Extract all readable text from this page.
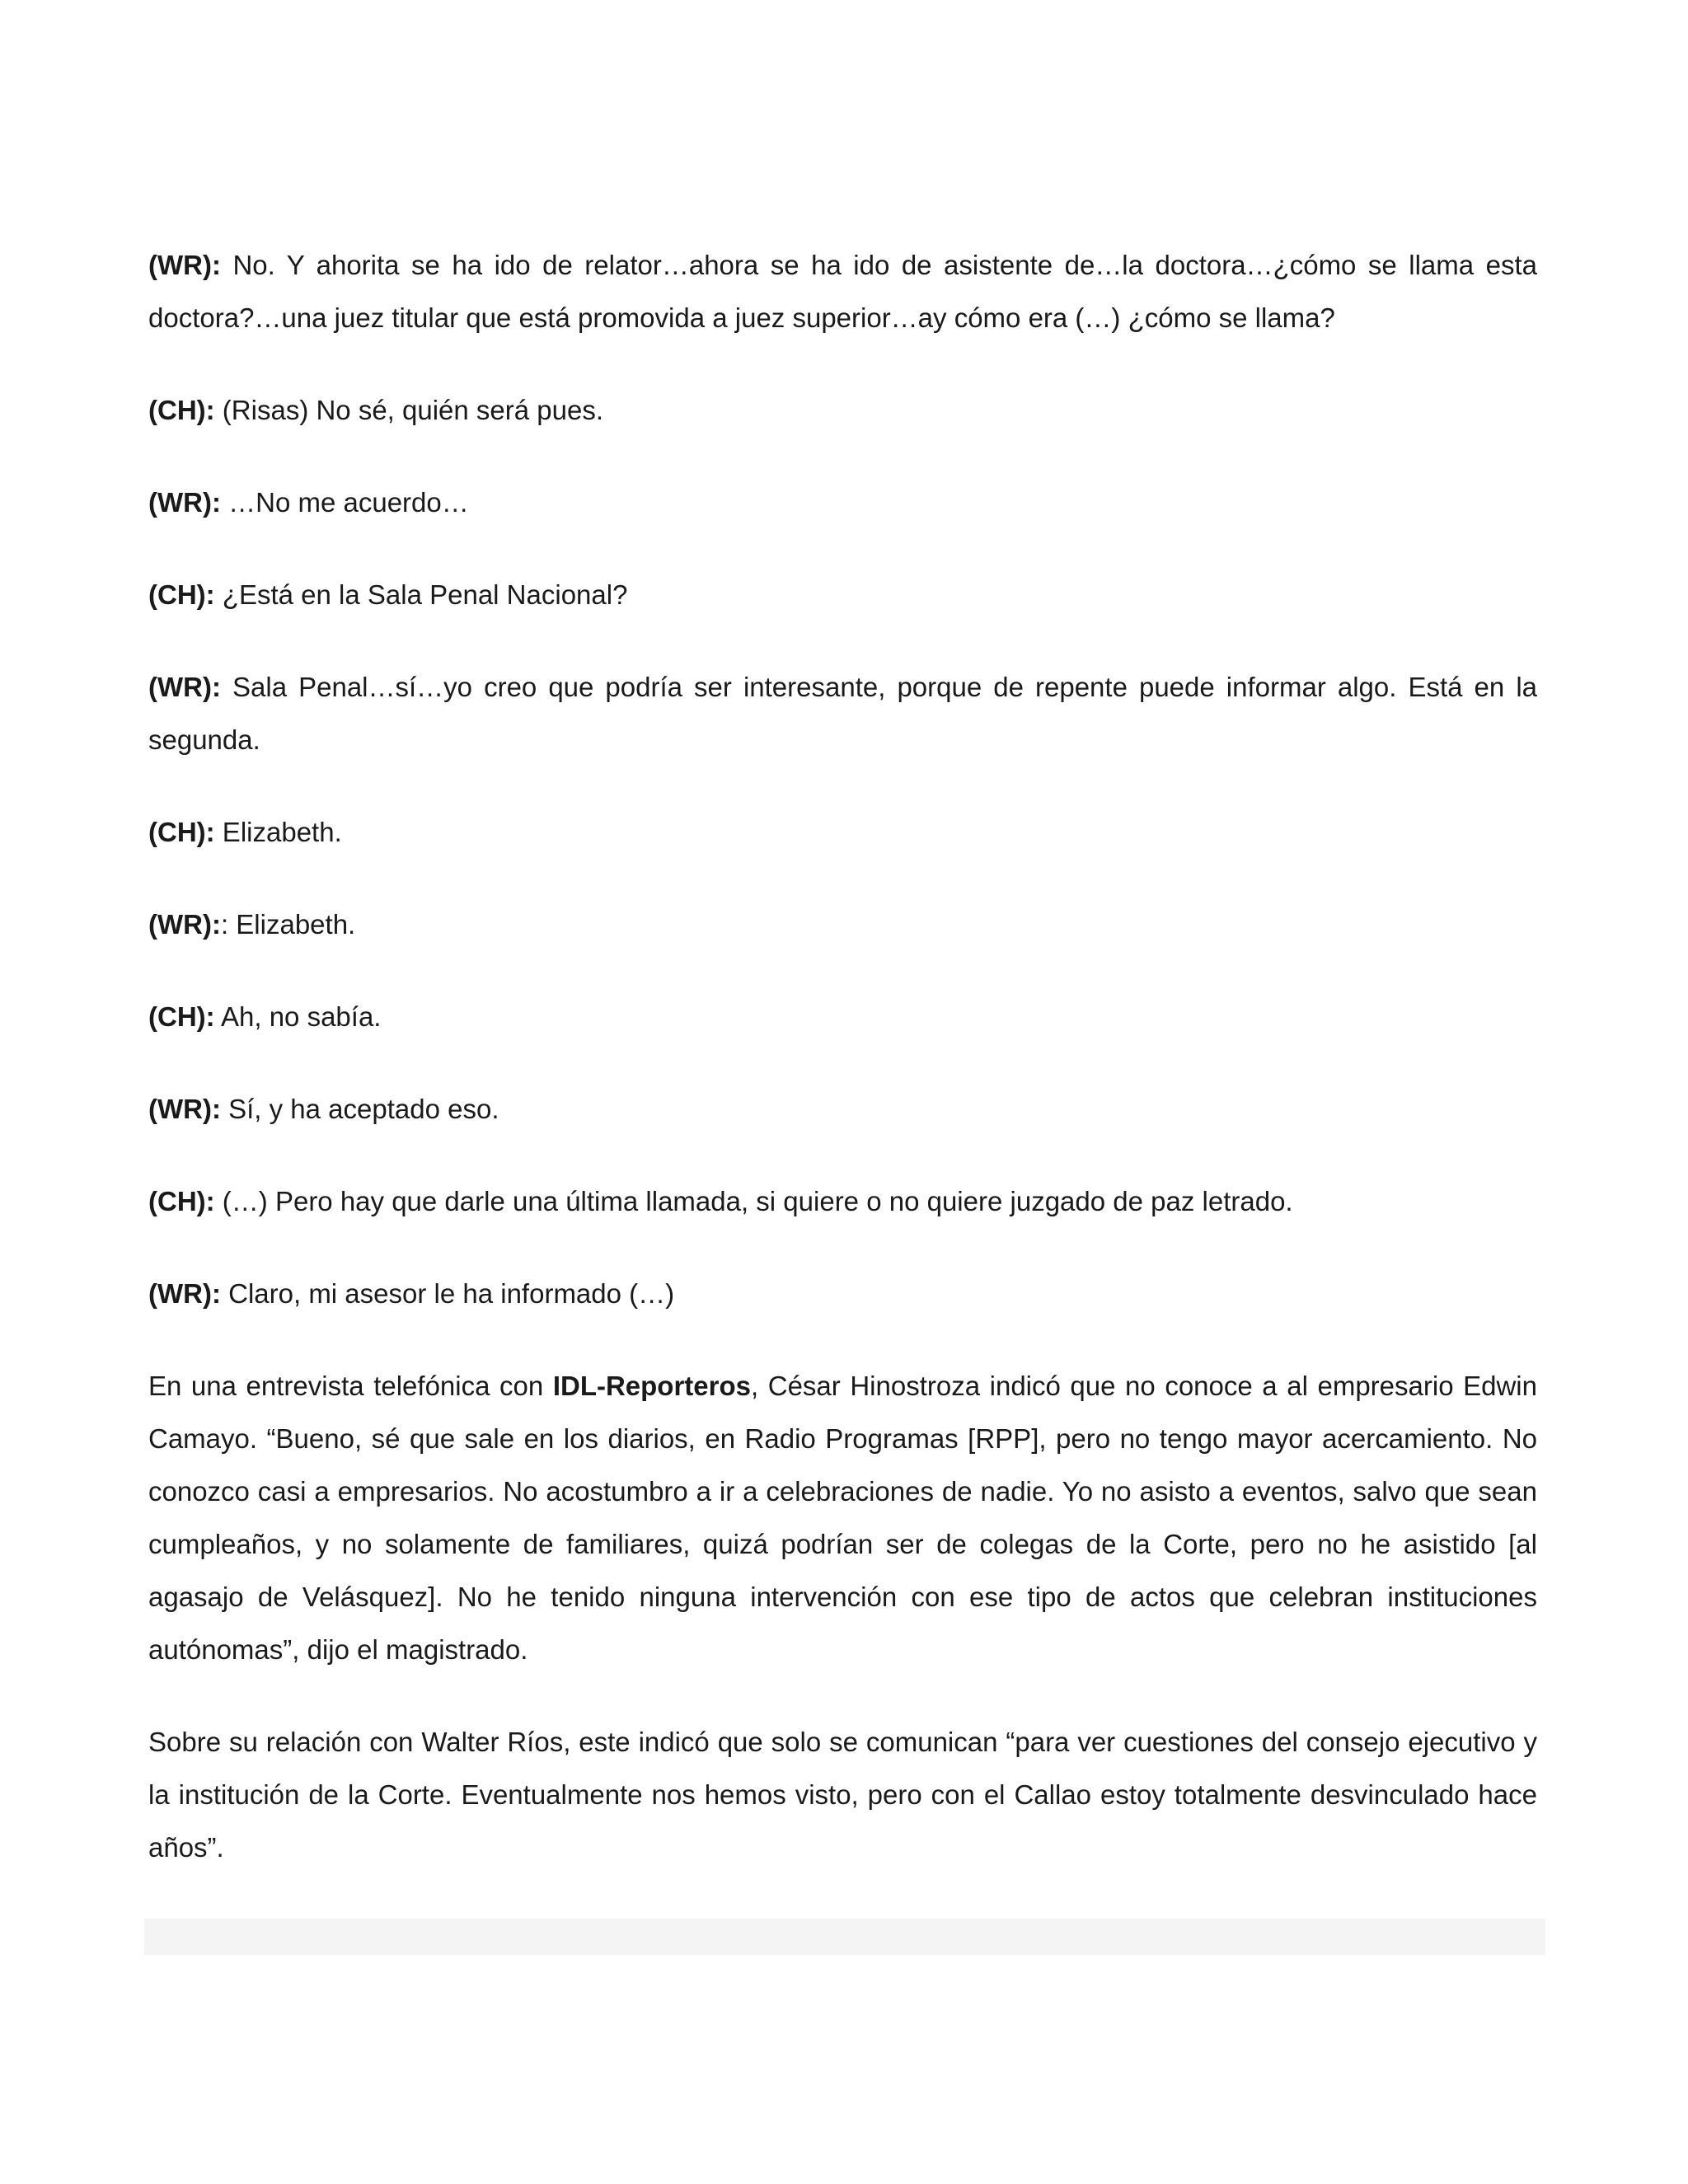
(WR): No. Y ahorita se ha ido de relator…ahora se ha ido de asistente de…la doctora…¿cómo se llama esta doctora?…una juez titular que está promovida a juez superior…ay cómo era (…) ¿cómo se llama?

(CH): (Risas) No sé, quién será pues.

(WR): …No me acuerdo…

(CH): ¿Está en la Sala Penal Nacional?

(WR): Sala Penal…sí…yo creo que podría ser interesante, porque de repente puede informar algo. Está en la segunda.

(CH): Elizabeth.

(WR):: Elizabeth.

(CH): Ah, no sabía.

(WR): Sí, y ha aceptado eso.

(CH): (…) Pero hay que darle una última llamada, si quiere o no quiere juzgado de paz letrado.

(WR): Claro, mi asesor le ha informado (…)

En una entrevista telefónica con IDL-Reporteros, César Hinostroza indicó que no conoce a al empresario Edwin Camayo. “Bueno, sé que sale en los diarios, en Radio Programas [RPP], pero no tengo mayor acercamiento. No conozco casi a empresarios. No acostumbro a ir a celebraciones de nadie. Yo no asisto a eventos, salvo que sean cumpleaños, y no solamente de familiares, quizá podrían ser de colegas de la Corte, pero no he asistido [al agasajo de Velásquez]. No he tenido ninguna intervención con ese tipo de actos que celebran instituciones autónomas”, dijo el magistrado.

Sobre su relación con Walter Ríos, este indicó que solo se comunican “para ver cuestiones del consejo ejecutivo y la institución de la Corte. Eventualmente nos hemos visto, pero con el Callao estoy totalmente desvinculado hace años”.
